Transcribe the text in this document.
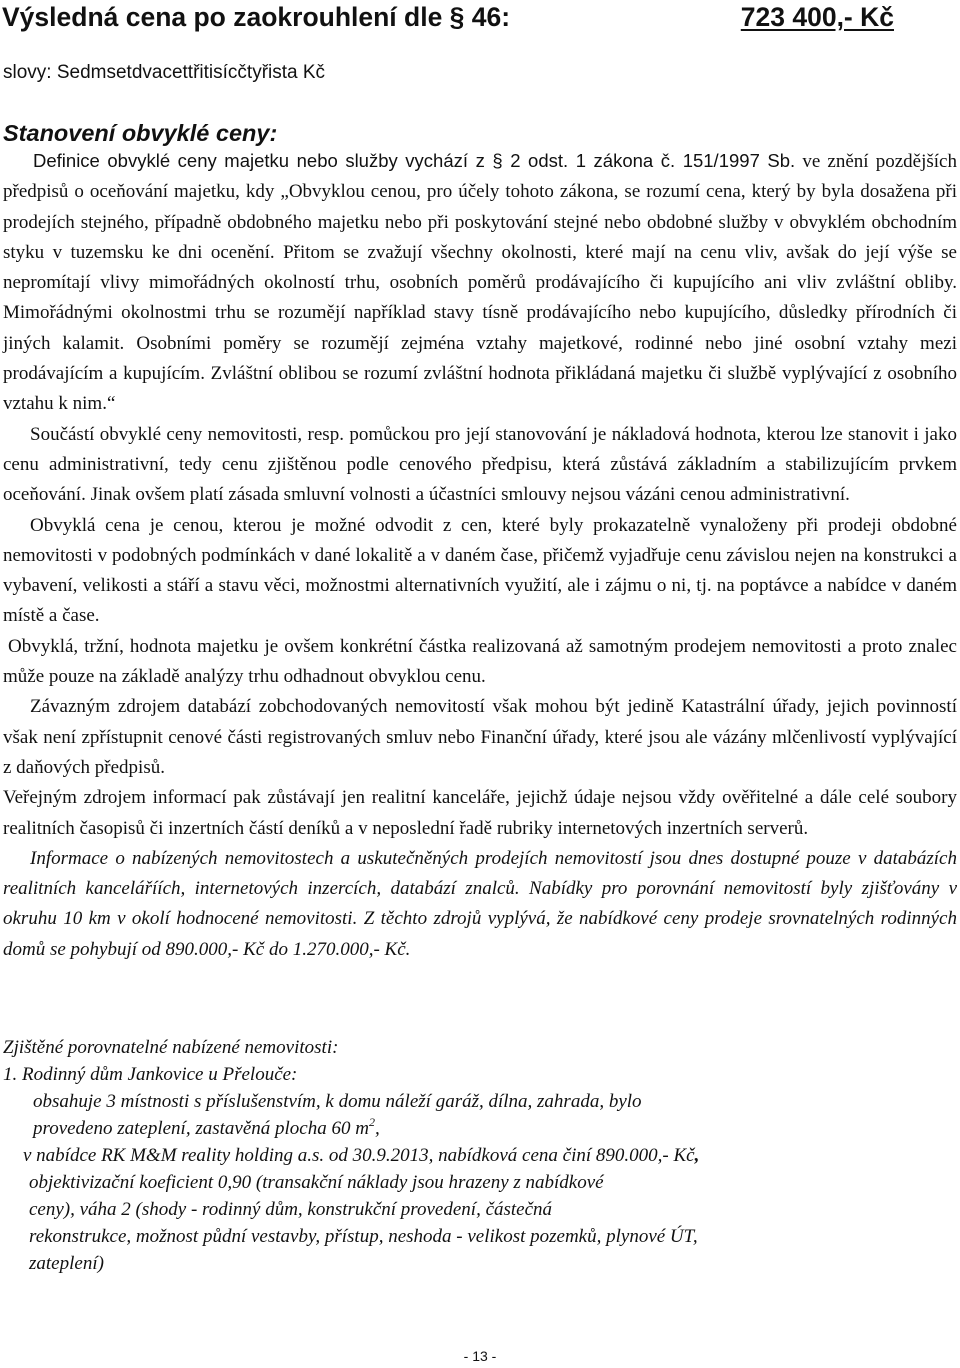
Výsledná cena po zaokrouhlení dle § 46:	723 400,- Kč
slovy: Sedmsetdvacettřitisícčtyřista Kč
Stanovení obvyklé ceny:

Definice obvyklé ceny majetku nebo služby vychází z § 2 odst. 1 zákona č. 151/1997 Sb. ve znění pozdějších předpisů o oceňování majetku, kdy „Obvyklou cenou, pro účely tohoto zákona, se rozumí cena, který by byla dosažena při prodejích stejného, případně obdobného majetku nebo při poskytování stejné nebo obdobné služby v obvyklém obchodním styku v tuzemsku ke dni ocenění. Přitom se zvažují všechny okolnosti, které mají na cenu vliv, avšak do její výše se nepromítají vlivy mimořádných okolností trhu, osobních poměrů prodávajícího či kupujícího ani vliv zvláštní obliby. Mimořádnými okolnostmi trhu se rozumějí například stavy tísně prodávajícího nebo kupujícího, důsledky přírodních či jiných kalamit. Osobními poměry se rozumějí zejména vztahy majetkové, rodinné nebo jiné osobní vztahy mezi prodávajícím a kupujícím. Zvláštní oblibou se rozumí zvláštní hodnota přikládaná majetku či službě vyplývající z osobního vztahu k nim.“

Součástí obvyklé ceny nemovitosti, resp. pomůckou pro její stanovování je nákladová hodnota, kterou lze stanovit i jako cenu administrativní, tedy cenu zjištěnou podle cenového předpisu, která zůstává základním a stabilizujícím prvkem oceňování. Jinak ovšem platí zásada smluvní volnosti a účastníci smlouvy nejsou vázáni cenou administrativní.

Obvyklá cena je cenou, kterou je možné odvodit z cen, které byly prokazatelně vynaloženy při prodeji obdobné nemovitosti v podobných podmínkách v dané lokalitě a v daném čase, přičemž vyjadřuje cenu závislou nejen na konstrukci a vybavení, velikosti a stáří a stavu věci, možnostmi alternativních využití, ale i zájmu o ni, tj. na poptávce a nabídce v daném místě a čase.

Obvyklá, tržní, hodnota majetku je ovšem konkrétní částka realizovaná až samotným prodejem nemovitosti a proto znalec může pouze na základě analýzy trhu odhadnout obvyklou cenu.

Závazným zdrojem databází zobchodovaných nemovitostí však mohou být jedině Katastrální úřady, jejich povinností však není zpřístupnit cenové části registrovaných smluv nebo Finanční úřady, které jsou ale vázány mlčenlivostí vyplývající z daňových předpisů.

Veřejným zdrojem informací pak zůstávají jen realitní kanceláře, jejichž údaje nejsou vždy ověřitelné a dále celé soubory realitních časopisů či inzertních částí deníků a v neposlední řadě rubriky internetových inzertních serverů.

Informace o nabízených nemovitostech a uskutečněných prodejích nemovitostí jsou dnes dostupné pouze v databázích realitních kanceláříích, internetových inzercích, databází znalců. Nabídky pro porovnání nemovitostí byly zjišťovány v okruhu 10 km v okolí hodnocené nemovitosti. Z těchto zdrojů vyplývá, že nabídkové ceny prodeje srovnatelných rodinných domů se pohybují od 890.000,- Kč do 1.270.000,- Kč.

Zjištěné porovnatelné nabízené nemovitosti:

1. Rodinný dům Jankovice u Přelouče:

obsahuje 3 místnosti s příslušenstvím, k domu náleží garáž, dílna, zahrada, bylo

provedeno zateplení, zastavěná plocha 60 $m^2$,

v nabídce RK M&M reality holding a.s. od 30.9.2013, nabídková cena činí 890.000,- Kč,

objektivizační koeficient 0,90 (transakční náklady jsou hrazeny z nabídkové

ceny), váha 2 (shody - rodinný dům, konstrukční provedení, částečná

rekonstrukce, možnost půdní vestavby, přístup, neshoda - velikost pozemků, plynové ÚT,

zateplení)

- 13 -
